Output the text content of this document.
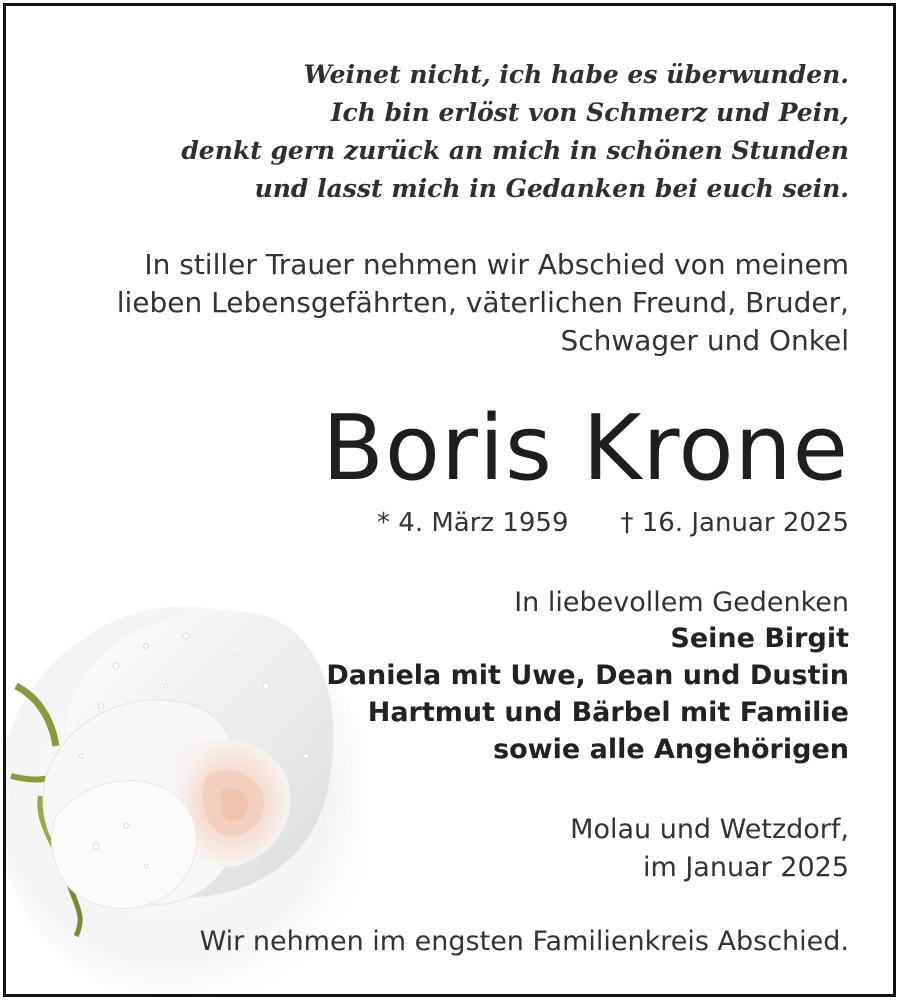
Weinet nicht, ich habe es überwunden.
Ich bin erlöst von Schmerz und Pein,
denkt gern zurück an mich in schönen Stunden
und lasst mich in Gedanken bei euch sein.
In stiller Trauer nehmen wir Abschied von meinem
lieben Lebensgefährten, väterlichen Freund, Bruder,
Schwager und Onkel
Boris Krone
* 4. März 1959 † 16. Januar 2025
In liebevollem Gedenken
Seine Birgit
Daniela mit Uwe, Dean und Dustin
Hartmut und Bärbel mit Familie
sowie alle Angehörigen
Molau und Wetzdorf,
im Januar 2025
Wir nehmen im engsten Familienkreis Abschied.
